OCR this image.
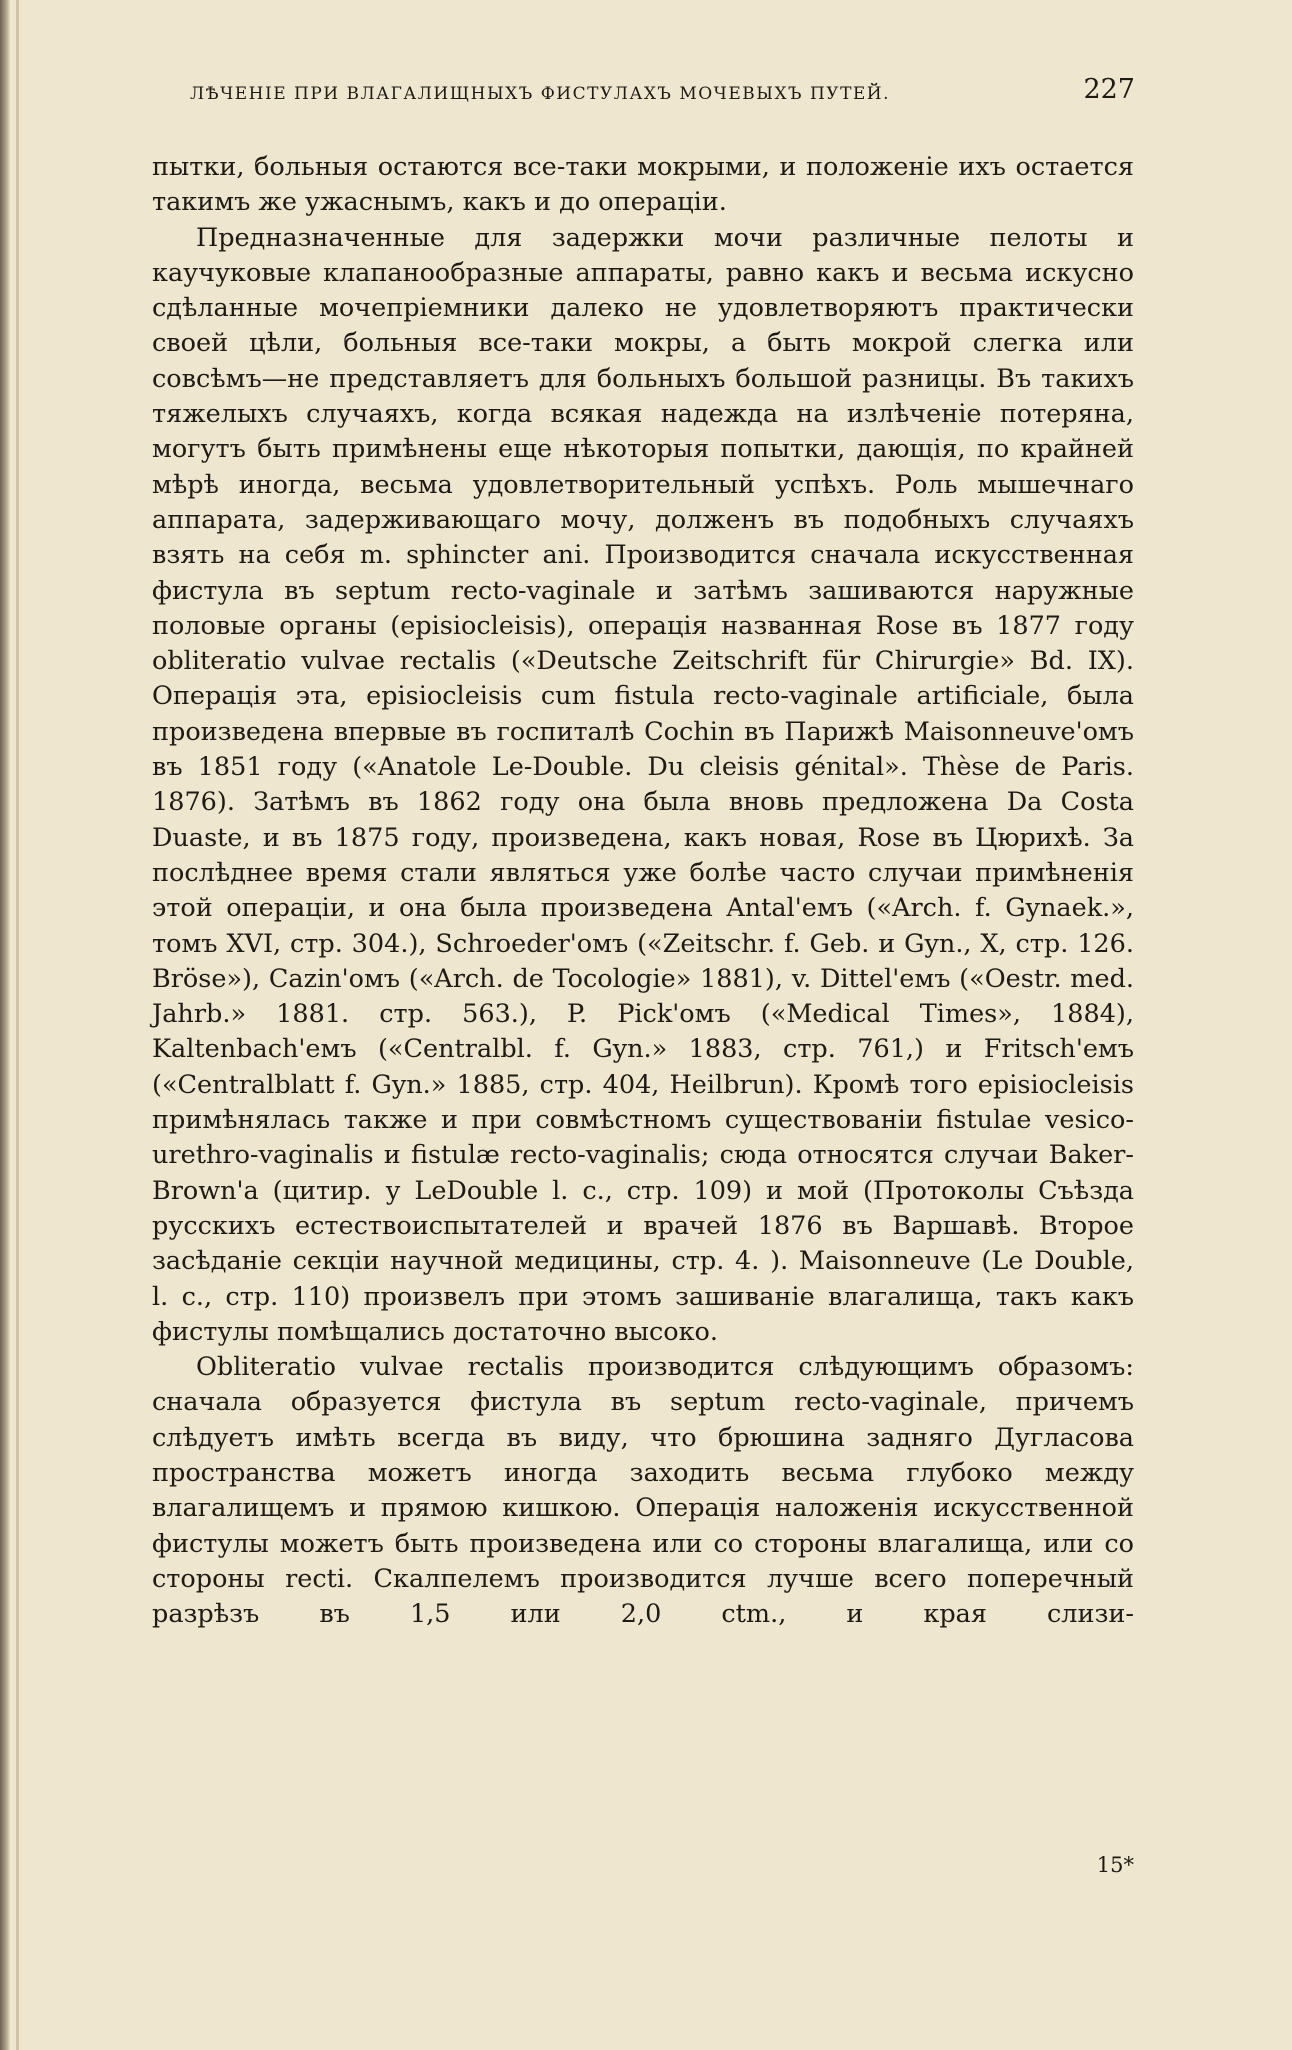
ЛѢЧЕНІЕ ПРИ ВЛАГАЛИЩНЫХЪ ФИСТУЛАХЪ МОЧЕВЫХЪ ПУТЕЙ.	227

пытки, больныя остаются все-таки мокрыми, и положеніе ихъ остается такимъ же ужаснымъ, какъ и до операціи.

Предназначенные для задержки мочи различные пелоты и каучуковые клапанообразные аппараты, равно какъ и весьма искусно сдѣланные мочепріемники далеко не удовлетворяютъ практически своей цѣли, больныя все-таки мокры, а быть мокрой слегка или совсѣмъ—не представляетъ для больныхъ большой разницы. Въ такихъ тяжелыхъ случаяхъ, когда всякая надежда на излѣченіе потеряна, могутъ быть примѣнены еще нѣкоторыя попытки, дающія, по крайней мѣрѣ иногда, весьма удовлетворительный успѣхъ. Роль мышечнаго аппарата, задерживающаго мочу, долженъ въ подобныхъ случаяхъ взять на себя m. sphincter ani. Производится сначала искусственная фистула въ septum recto-vaginale и затѣмъ зашиваются наружные половые органы (episiocleisis), операція названная Rose въ 1877 году obliteratio vulvae rectalis («Deutsche Zeitschrift für Chirurgie» Bd. IX). Операція эта, episiocleisis cum fistula recto-vaginale artificiale, была произведена впервые въ госпиталѣ Cochin въ Парижѣ Maisonneuve'омъ въ 1851 году («Anatole Le-Double. Du cleisis génital». Thèse de Paris. 1876). Затѣмъ въ 1862 году она была вновь предложена Da Costa Duaste, и въ 1875 году, произведена, какъ новая, Rose въ Цюрихѣ. За послѣднее время стали являться уже болѣе часто случаи примѣненія этой операціи, и она была произведена Antal'емъ («Arch. f. Gynaek.», томъ XVI, стр. 304.), Schroeder'омъ («Zeitschr. f. Geb. и Gyn., X, стр. 126. Bröse»), Cazin'омъ («Arch. de Tocologie» 1881), v. Dittel'емъ («Oestr. med. Jahrb.» 1881. стр. 563.), P. Pick'омъ («Medical Times», 1884), Kaltenbach'емъ («Centralbl. f. Gyn.» 1883, стр. 761,) и Fritsch'емъ («Centralblatt f. Gyn.» 1885, стр. 404, Heilbrun). Кромѣ того episiocleisis примѣнялась также и при совмѣстномъ существованіи fistulae vesico-urethro-vaginalis и fistulæ recto-vaginalis; сюда относятся случаи Baker-Brown'a (цитир. у LeDouble l. c., стр. 109) и мой (Протоколы Съѣзда русскихъ естествоиспытателей и врачей 1876 въ Варшавѣ. Второе засѣданіе секціи научной медицины, стр. 4. ). Maisonneuve (Le Double, l. c., стр. 110) произвелъ при этомъ зашиваніе влагалища, такъ какъ фистулы помѣщались достаточно высоко.

Obliteratio vulvae rectalis производится слѣдующимъ образомъ: сначала образуется фистула въ septum recto-vaginale, причемъ слѣдуетъ имѣть всегда въ виду, что брюшина задняго Дугласова пространства можетъ иногда заходить весьма глубоко между влагалищемъ и прямою кишкою. Операція наложенія искусственной фистулы можетъ быть произведена или со стороны влагалища, или со стороны recti. Скалпелемъ производится лучше всего поперечный разрѣзъ въ 1,5 или 2,0 ctm., и края слизи-

15*
